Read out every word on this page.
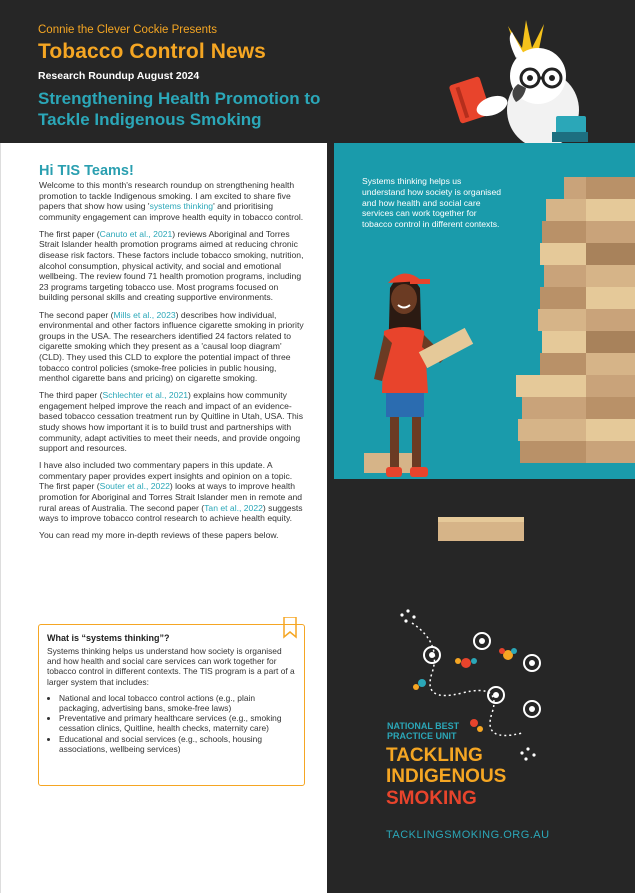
Connie the Clever Cockie Presents
Tobacco Control News
Research Roundup August 2024
Strengthening Health Promotion to Tackle Indigenous Smoking
Hi TIS Teams!

Welcome to this month's research roundup on strengthening health promotion to tackle Indigenous smoking. I am excited to share five papers that show how using 'systems thinking' and prioritising community engagement can improve health equity in tobacco control.

The first paper (Canuto et al., 2021) reviews Aboriginal and Torres Strait Islander health promotion programs aimed at reducing chronic disease risk factors. These factors include tobacco smoking, nutrition, alcohol consumption, physical activity, and social and emotional wellbeing. The review found 71 health promotion programs, including 23 programs targeting tobacco use. Most programs focused on building personal skills and creating supportive environments.

The second paper (Mills et al., 2023) describes how individual, environmental and other factors influence cigarette smoking in priority groups in the USA. The researchers identified 24 factors related to cigarette smoking which they present as a 'causal loop diagram' (CLD). They used this CLD to explore the potential impact of three tobacco control policies (smoke-free policies in public housing, menthol cigarette bans and pricing) on cigarette smoking.

The third paper (Schlechter et al., 2021) explains how community engagement helped improve the reach and impact of an evidence-based tobacco cessation treatment run by Quitline in Utah, USA. This study shows how important it is to build trust and partnerships with community, adapt activities to meet their needs, and provide ongoing support and resources.

I have also included two commentary papers in this update. A commentary paper provides expert insights and opinion on a topic. The first paper (Souter et al., 2022) looks at ways to improve health promotion for Aboriginal and Torres Strait Islander men in remote and rural areas of Australia. The second paper (Tan et al., 2022) suggests ways to improve tobacco control research to achieve health equity.

You can read my more in-depth reviews of these papers below.

What is “systems thinking”?
Systems thinking helps us understand how society is organised and how health and social care services can work together for tobacco control in different contexts. The TIS program is a part of a larger system that includes:
• National and local tobacco control actions (e.g., plain packaging, advertising bans, smoke-free laws)
• Preventative and primary healthcare services (e.g., smoking cessation clinics, Quitline, health checks, maternity care)
• Educational and social services (e.g., schools, housing associations, wellbeing services)
Systems thinking helps us understand how society is organised and how health and social care services can work together for tobacco control in different contexts.
NATIONAL BEST PRACTICE UNIT
TACKLING
INDIGENOUS
SMOKING
TACKLINGSMOKING.ORG.AU
